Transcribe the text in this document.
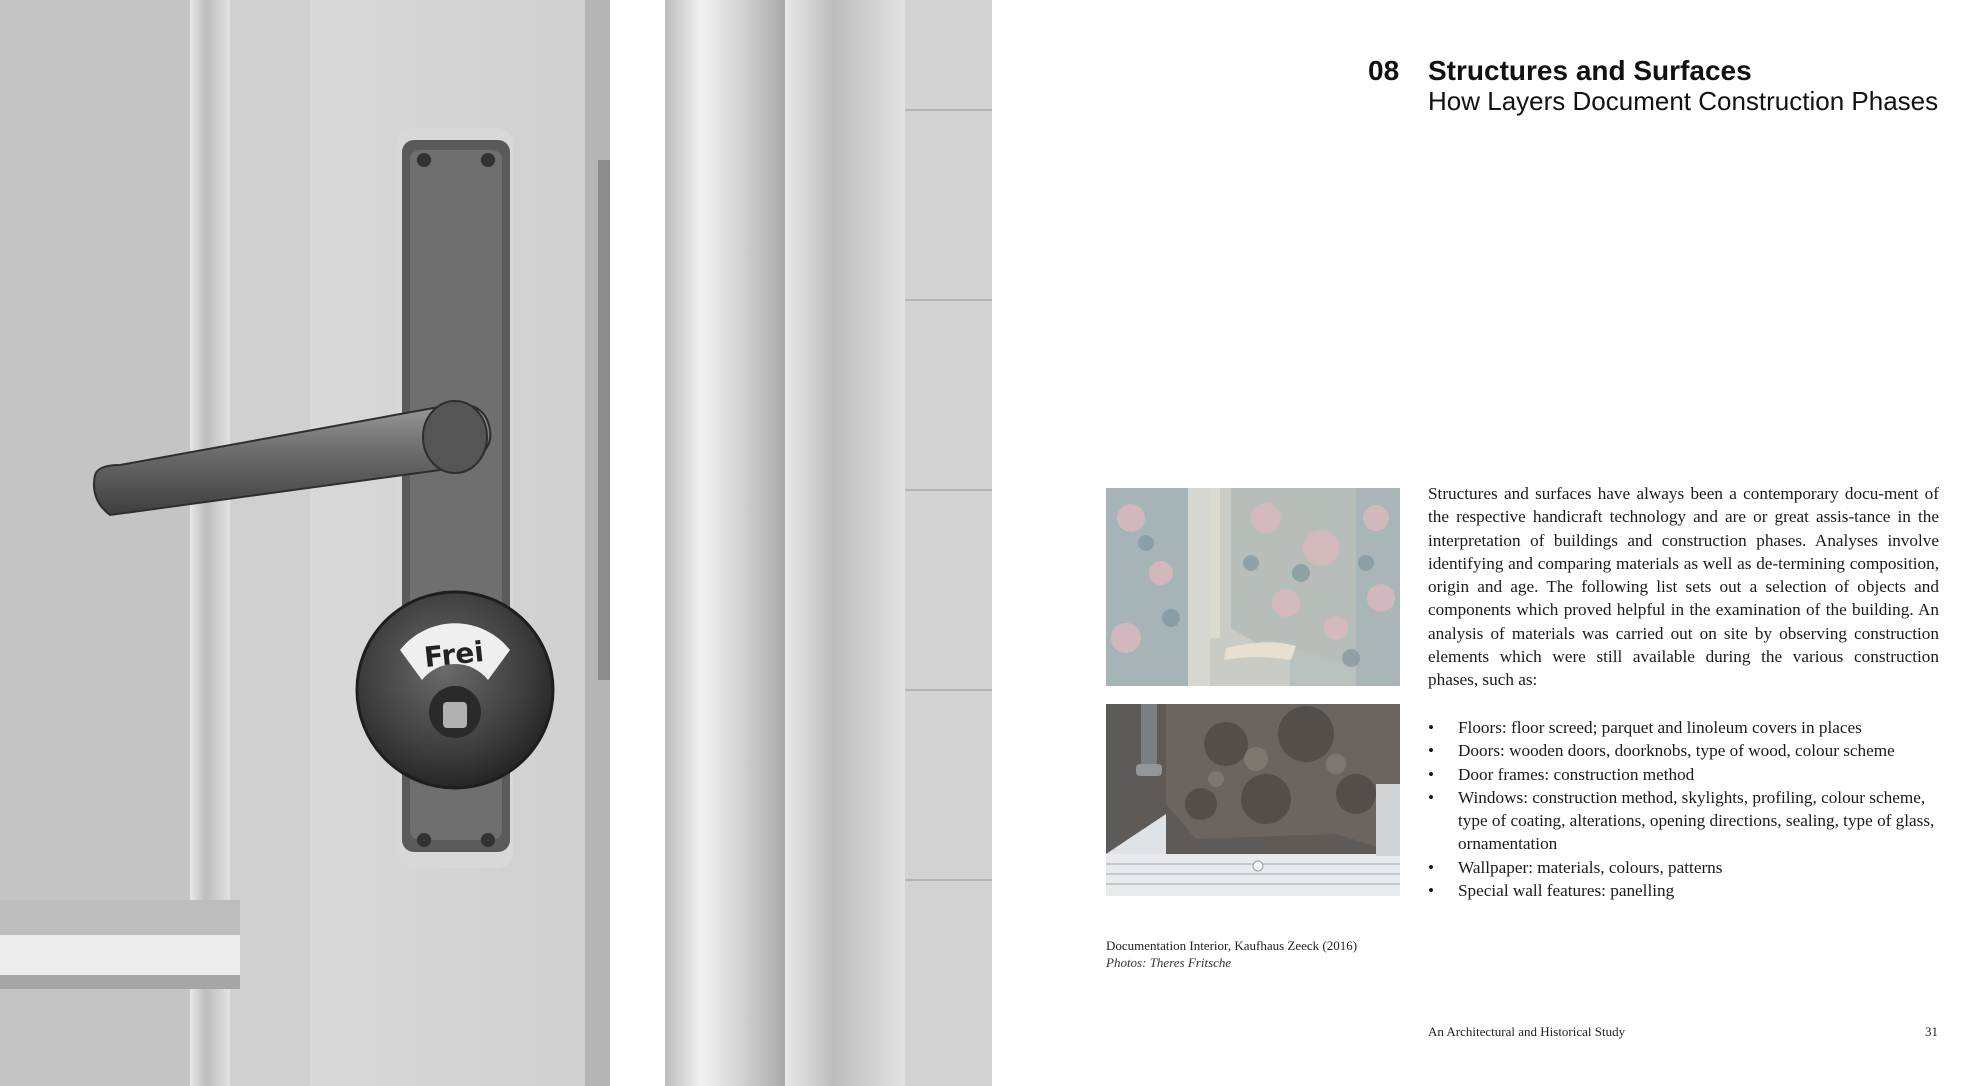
Frei
08 Structures and Surfaces
How Layers Document Construction Phases
Documentation Interior, Kaufhaus Zeeck (2016)
Photos: Theres Fritsche

Structures and surfaces have always been a contemporary docu-ment of the respective handicraft technology and are or great assis-tance in the interpretation of buildings and construction phases. Analyses involve identifying and comparing materials as well as de-termining composition, origin and age. The following list sets out a selection of objects and components which proved helpful in the examination of the building. An analysis of materials was carried out on site by observing construction elements which were still available during the various construction phases, such as:

• Floors: floor screed; parquet and linoleum covers in places
• Doors: wooden doors, doorknobs, type of wood, colour scheme
• Door frames: construction method
• Windows: construction method, skylights, profiling, colour scheme, type of coating, alterations, opening directions, sealing, type of glass, ornamentation
• Wallpaper: materials, colours, patterns
• Special wall features: panelling
An Architectural and Historical Study	31
